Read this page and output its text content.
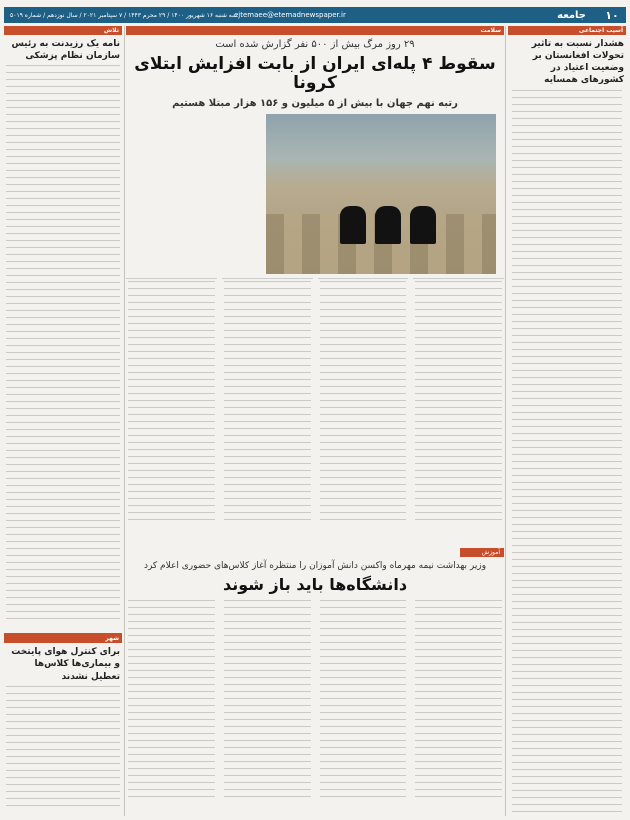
۱۰
جامعه
ejtemaee@etemadnewspaper.ir
سه شنبه ۱۶ شهریور ۱۴۰۰ / ۲۹ محرم ۱۴۴۳ / ۷ سپتامبر ۲۰۲۱ / سال نوزدهم / شماره ۵۰۱۹
آسیب اجتماعی
هشدار نسبت به تاثیر تحولات افغانستان بر وضعیت اعتیاد در کشورهای همسایه
سلامت
۲۹ روز مرگ بیش از ۵۰۰ نفر گزارش شده است
سقوط ۴ پله‌ای ایران از بابت افزایش ابتلای کرونا
رتبه نهم جهان با بیش از ۵ میلیون و ۱۵۶ هزار مبتلا هستیم
آموزش
وزیر بهداشت نیمه مهرماه واکسن دانش آموزان را منتظره آغاز کلاس‌های حضوری اعلام کرد
دانشگاه‌ها باید باز شوند
تلاش
نامه یک رزیدنت به رئیس سازمان نظام پزشکی
شهر
برای کنترل هوای پایتخت و بیماری‌ها کلاس‌ها تعطیل نشدند
